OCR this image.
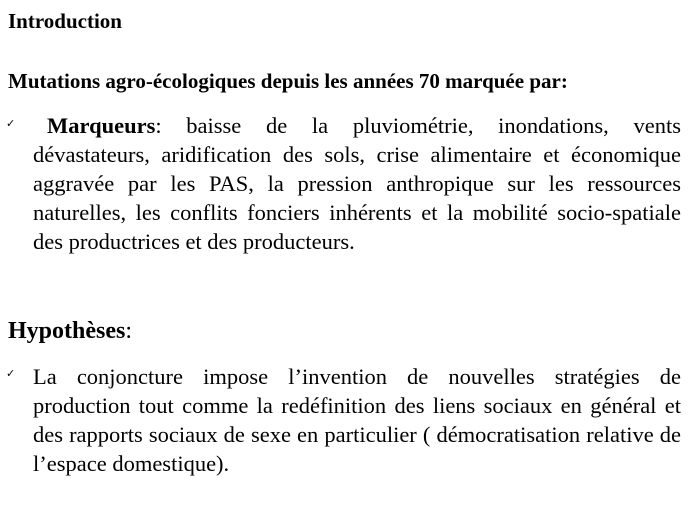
Introduction
Mutations agro-écologiques depuis les années 70 marquée par:
✓	Marqueurs: baisse de la pluviométrie, inondations, vents dévastateurs, aridification des sols, crise alimentaire et économique aggravée par les PAS, la pression anthropique sur les ressources naturelles, les conflits fonciers inhérents et la mobilité socio-spatiale des productrices et des producteurs.
Hypothèses:
✓ La conjoncture impose l’invention de nouvelles stratégies de production tout comme la redéfinition des liens sociaux en général et des rapports sociaux de sexe en particulier ( démocratisation relative de l’espace domestique).
